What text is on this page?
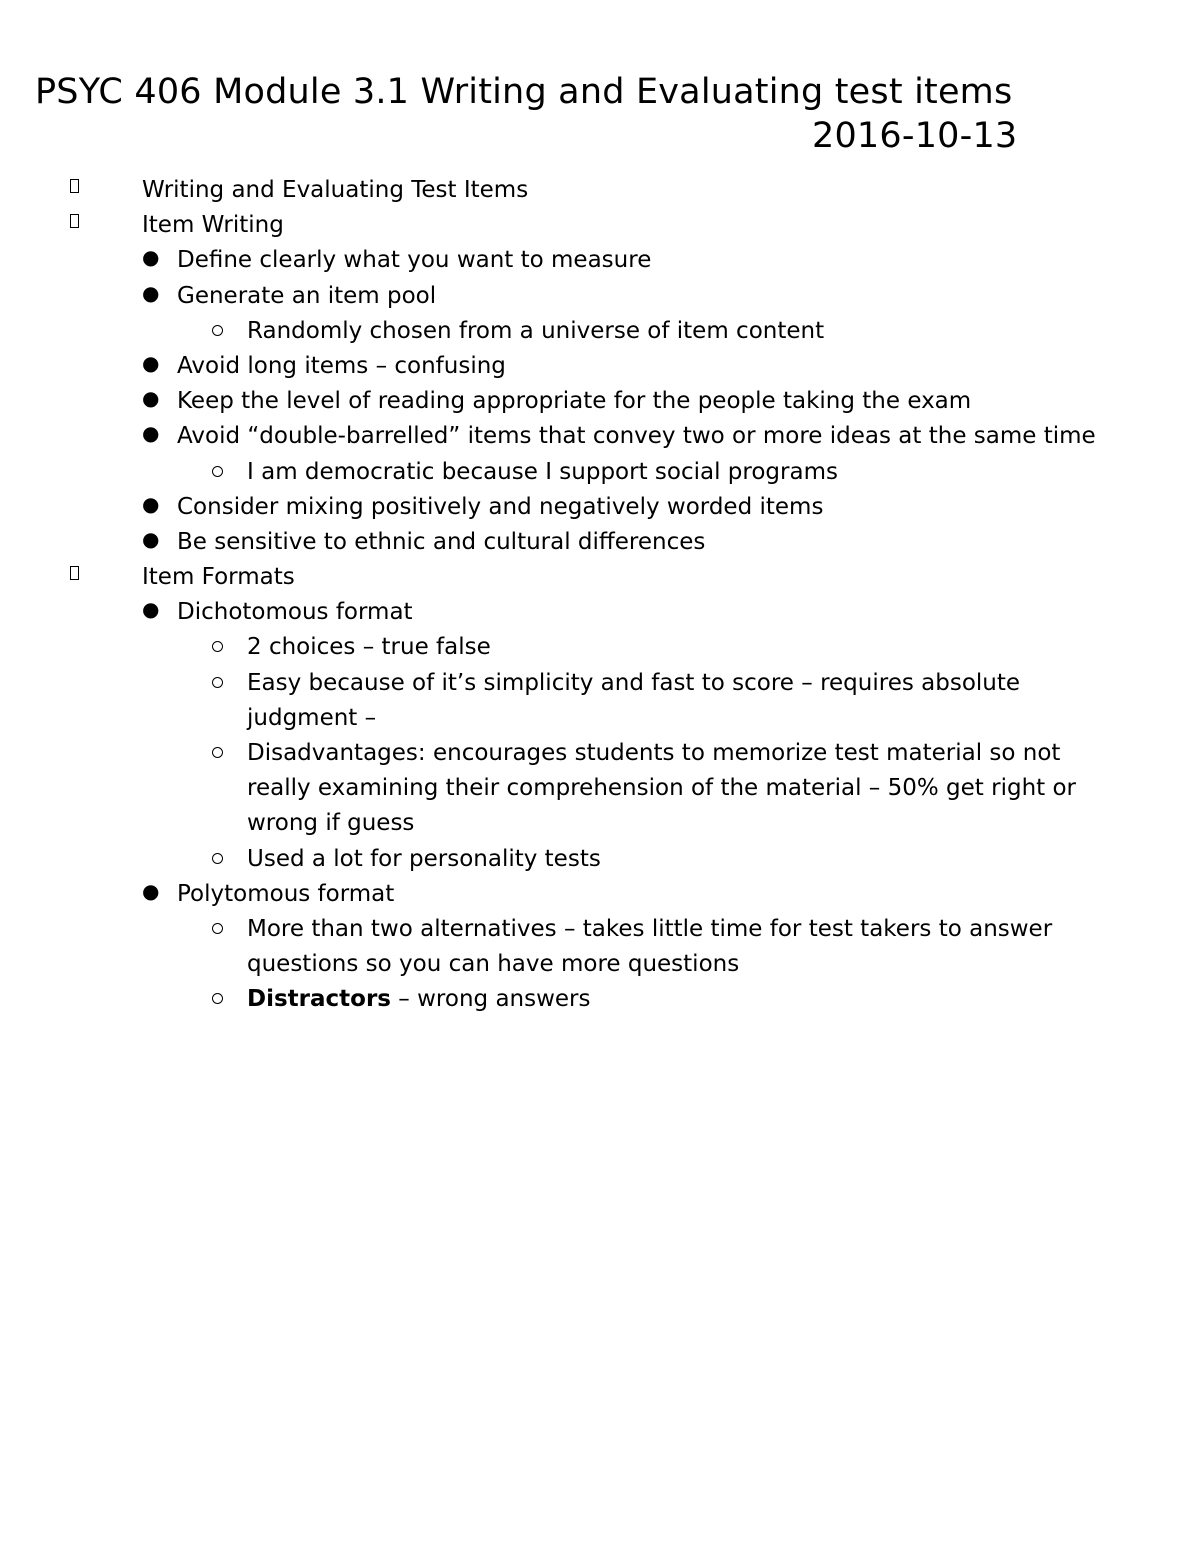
PSYC 406 Module 3.1 Writing and Evaluating test items
2016-10-13
Writing and Evaluating Test Items
Item Writing
● Define clearly what you want to measure
● Generate an item pool
Randomly chosen from a universe of item content
● Avoid long items – confusing
● Keep the level of reading appropriate for the people taking the exam
● Avoid “double-barrelled” items that convey two or more ideas at the same time
I am democratic because I support social programs
● Consider mixing positively and negatively worded items
● Be sensitive to ethnic and cultural differences
Item Formats
● Dichotomous format
2 choices – true false
Easy because of it’s simplicity and fast to score – requires absolute judgment –
Disadvantages: encourages students to memorize test material so not really examining their comprehension of the material – 50% get right or wrong if guess
Used a lot for personality tests
● Polytomous format
More than two alternatives – takes little time for test takers to answer questions so you can have more questions
Distractors – wrong answers
